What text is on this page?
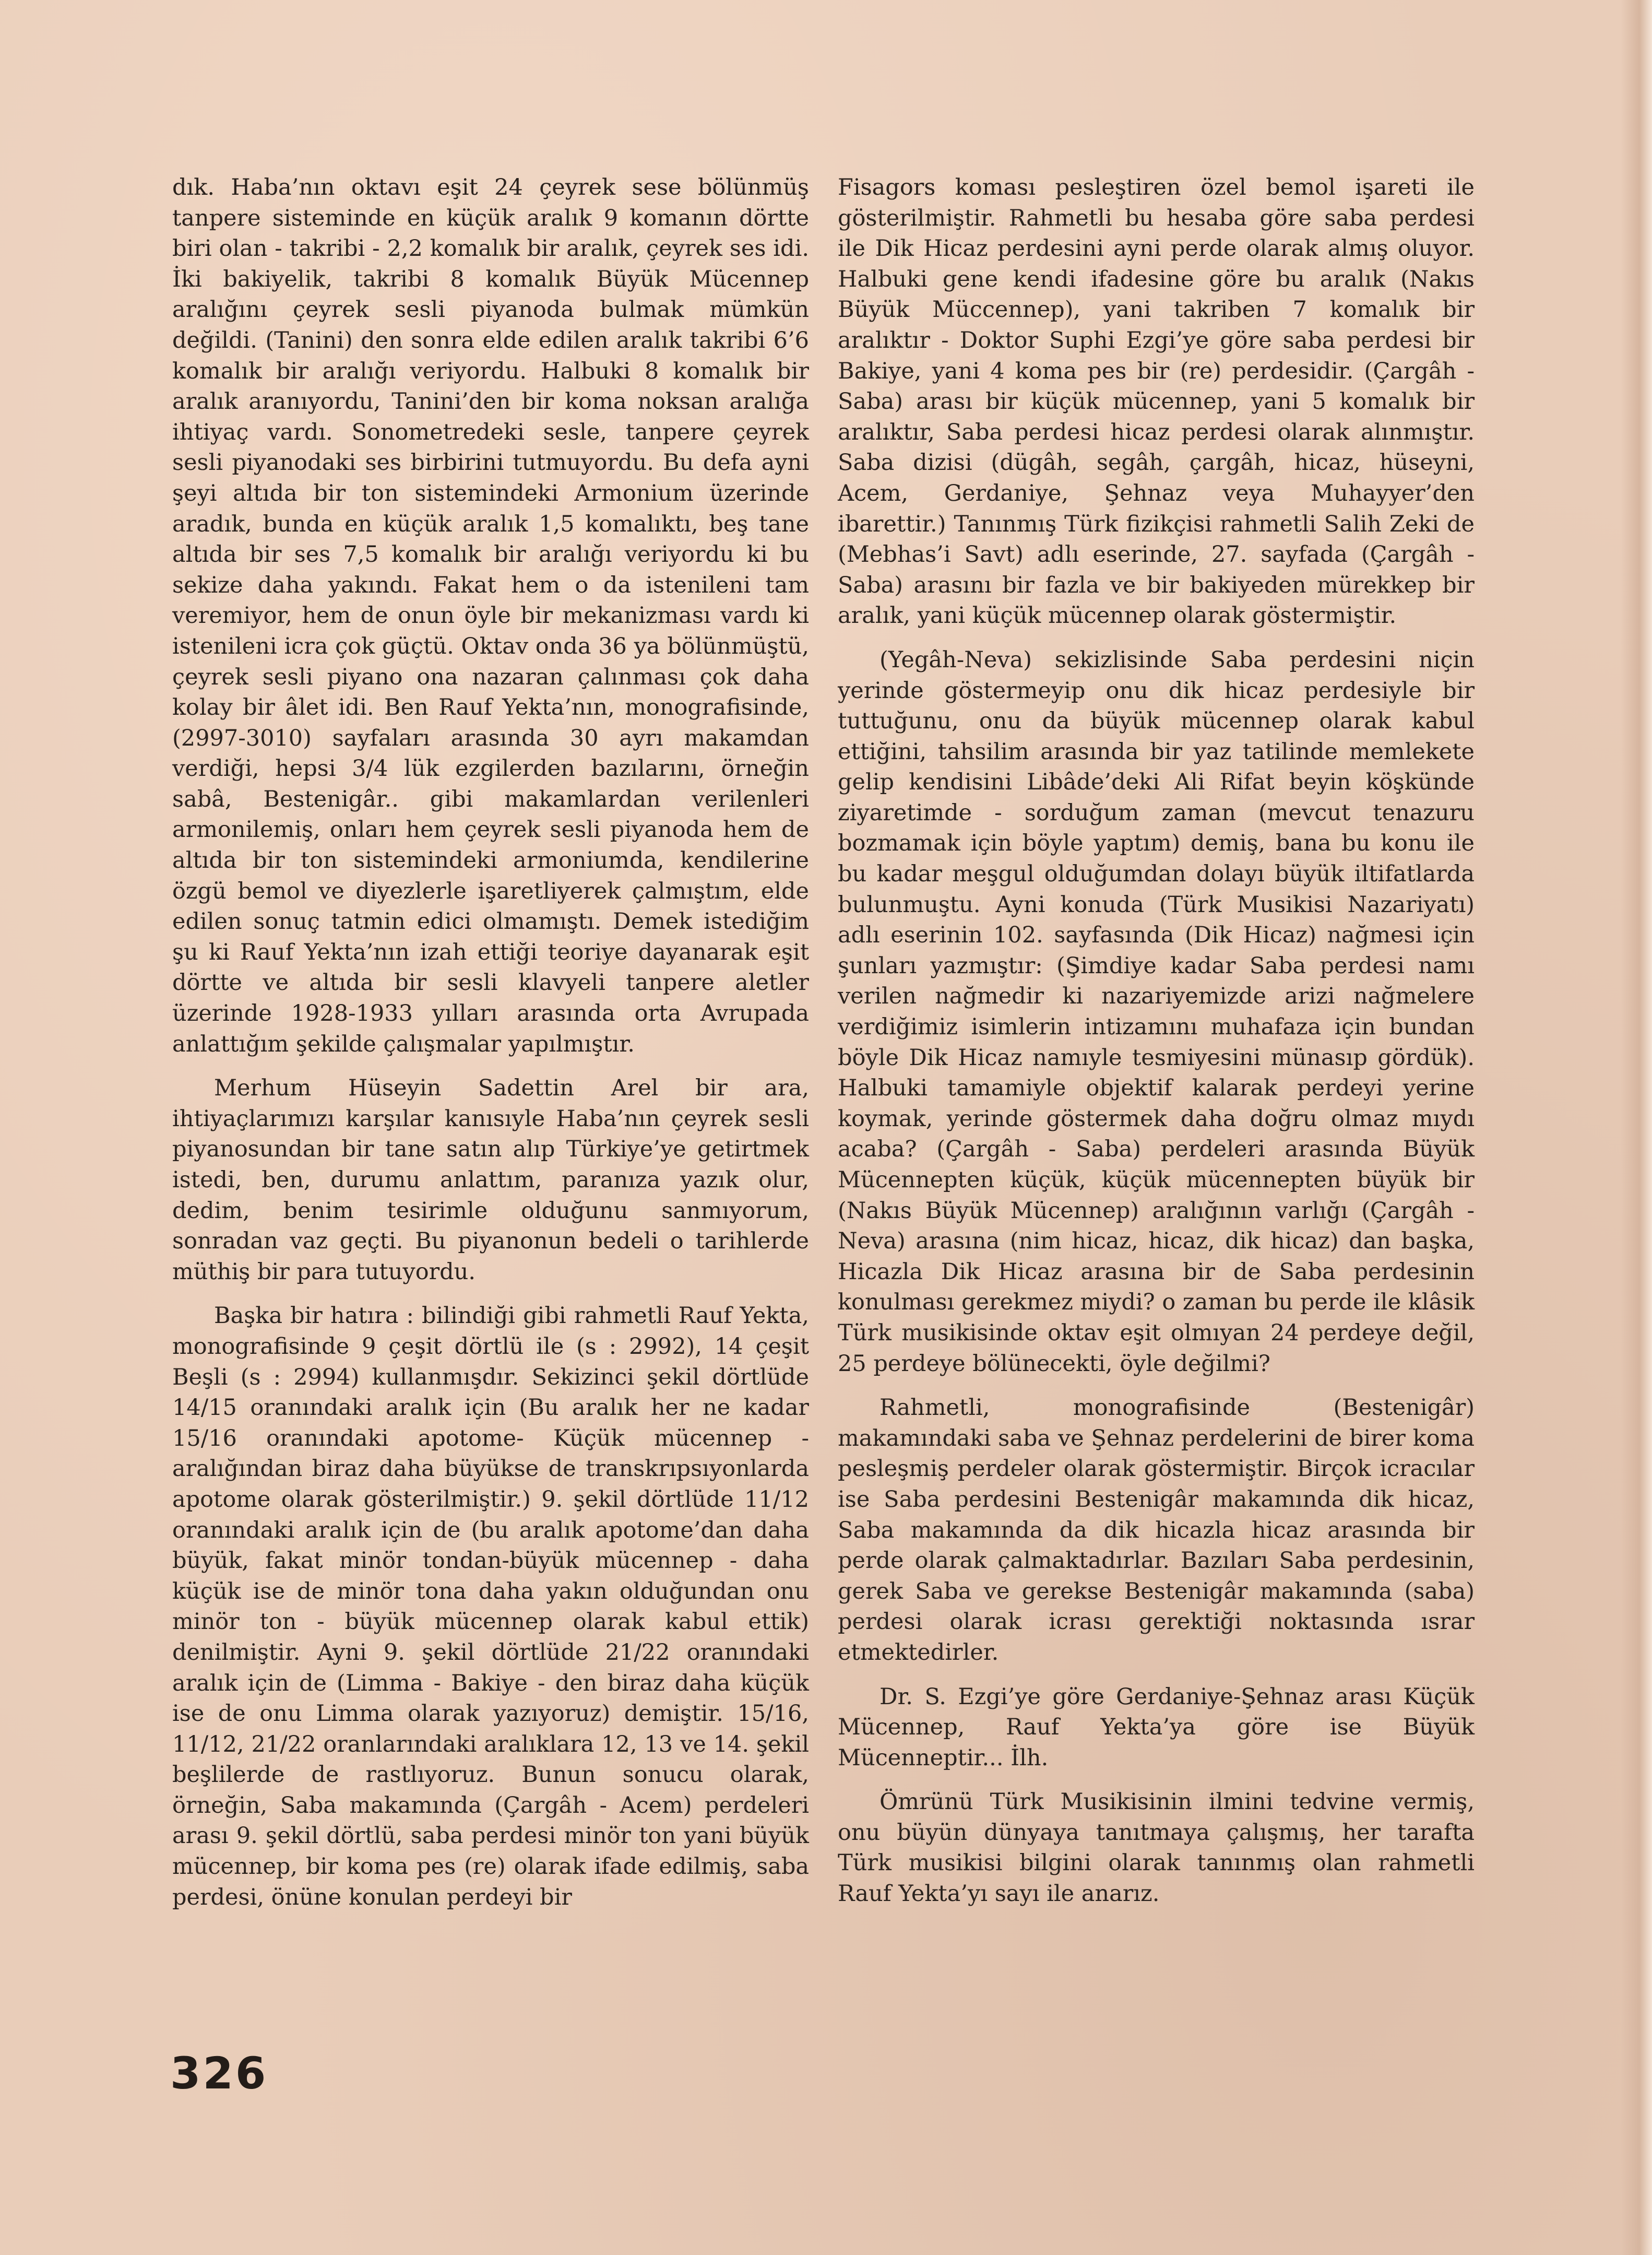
dık. Haba’nın oktavı eşit 24 çeyrek sese bölünmüş tanpere sisteminde en küçük aralık 9 komanın dörtte biri olan - takribi - 2,2 komalık bir aralık, çeyrek ses idi. İki bakiyelik, takribi 8 komalık Büyük Mücennep aralığını çeyrek sesli piyanoda bulmak mümkün değildi. (Tanini) den sonra elde edilen aralık takribi 6’6 komalık bir aralığı veriyordu. Halbuki 8 komalık bir aralık aranıyordu, Tanini’den bir koma noksan aralığa ihtiyaç vardı. Sonometredeki sesle, tanpere çeyrek sesli piyanodaki ses birbirini tutmuyordu. Bu defa ayni şeyi altıda bir ton sistemindeki Armonium üzerinde aradık, bunda en küçük aralık 1,5 komalıktı, beş tane altıda bir ses 7,5 komalık bir aralığı veriyordu ki bu sekize daha yakındı. Fakat hem o da istenileni tam veremiyor, hem de onun öyle bir mekanizması vardı ki istenileni icra çok güçtü. Oktav onda 36 ya bölünmüştü, çeyrek sesli piyano ona nazaran çalınması çok daha kolay bir âlet idi. Ben Rauf Yekta’nın, monografisinde, (2997-3010) sayfaları arasında 30 ayrı makamdan verdiği, hepsi 3/4 lük ezgilerden bazılarını, örneğin sabâ, Bestenigâr.. gibi makamlardan verilenleri armonilemiş, onları hem çeyrek sesli piyanoda hem de altıda bir ton sistemindeki armoniumda, kendilerine özgü bemol ve diyezlerle işaretliyerek çalmıştım, elde edilen sonuç tatmin edici olmamıştı. Demek istediğim şu ki Rauf Yekta’nın izah ettiği teoriye dayanarak eşit dörtte ve altıda bir sesli klavyeli tanpere aletler üzerinde 1928-1933 yılları arasında orta Avrupada anlattığım şekilde çalışmalar yapılmıştır.

Merhum Hüseyin Sadettin Arel bir ara, ihtiyaçlarımızı karşılar kanısıyle Haba’nın çeyrek sesli piyanosundan bir tane satın alıp Türkiye’ye getirtmek istedi, ben, durumu anlattım, paranıza yazık olur, dedim, benim tesirimle olduğunu sanmıyorum, sonradan vaz geçti. Bu piyanonun bedeli o tarihlerde müthiş bir para tutuyordu.

Başka bir hatıra : bilindiği gibi rahmetli Rauf Yekta, monografisinde 9 çeşit dörtlü ile (s : 2992), 14 çeşit Beşli (s : 2994) kullanmışdır. Sekizinci şekil dörtlüde 14/15 oranındaki aralık için (Bu aralık her ne kadar 15/16 oranındaki apotome- Küçük mücennep - aralığından biraz daha büyükse de transkrıpsıyonlarda apotome olarak gösterilmiştir.) 9. şekil dörtlüde 11/12 oranındaki aralık için de (bu aralık apotome’dan daha büyük, fakat minör tondan-büyük mücennep - daha küçük ise de minör tona daha yakın olduğundan onu minör ton - büyük mücennep olarak kabul ettik) denilmiştir. Ayni 9. şekil dörtlüde 21/22 oranındaki aralık için de (Limma - Bakiye - den biraz daha küçük ise de onu Limma olarak yazıyoruz) demiştir. 15/16, 11/12, 21/22 oranlarındaki aralıklara 12, 13 ve 14. şekil beşlilerde de rastlıyoruz. Bunun sonucu olarak, örneğin, Saba makamında (Çargâh - Acem) perdeleri arası 9. şekil dörtlü, saba perdesi minör ton yani büyük mücennep, bir koma pes (re) olarak ifade edilmiş, saba perdesi, önüne konulan perdeyi bir

Fisagors koması pesleştiren özel bemol işareti ile gösterilmiştir. Rahmetli bu hesaba göre saba perdesi ile Dik Hicaz perdesini ayni perde olarak almış oluyor. Halbuki gene kendi ifadesine göre bu aralık (Nakıs Büyük Müccennep), yani takriben 7 komalık bir aralıktır - Doktor Suphi Ezgi’ye göre saba perdesi bir Bakiye, yani 4 koma pes bir (re) perdesidir. (Çargâh - Saba) arası bir küçük mücennep, yani 5 komalık bir aralıktır, Saba perdesi hicaz perdesi olarak alınmıştır. Saba dizisi (dügâh, segâh, çargâh, hicaz, hüseyni, Acem, Gerdaniye, Şehnaz veya Muhayyer’den ibarettir.) Tanınmış Türk fizikçisi rahmetli Salih Zeki de (Mebhas’i Savt) adlı eserinde, 27. sayfada (Çargâh - Saba) arasını bir fazla ve bir bakiyeden mürekkep bir aralık, yani küçük mücennep olarak göstermiştir.

(Yegâh-Neva) sekizlisinde Saba perdesini niçin yerinde göstermeyip onu dik hicaz perdesiyle bir tuttuğunu, onu da büyük mücennep olarak kabul ettiğini, tahsilim arasında bir yaz tatilinde memlekete gelip kendisini Libâde’deki Ali Rifat beyin köşkünde ziyaretimde - sorduğum zaman (mevcut tenazuru bozmamak için böyle yaptım) demiş, bana bu konu ile bu kadar meşgul olduğumdan dolayı büyük iltifatlarda bulunmuştu. Ayni konuda (Türk Musikisi Nazariyatı) adlı eserinin 102. sayfasında (Dik Hicaz) nağmesi için şunları yazmıştır: (Şimdiye kadar Saba perdesi namı verilen nağmedir ki nazariyemizde arizi nağmelere verdiğimiz isimlerin intizamını muhafaza için bundan böyle Dik Hicaz namıyle tesmiyesini münasıp gördük). Halbuki tamamiyle objektif kalarak perdeyi yerine koymak, yerinde göstermek daha doğru olmaz mıydı acaba? (Çargâh - Saba) perdeleri arasında Büyük Mücennepten küçük, küçük mücennepten büyük bir (Nakıs Büyük Mücennep) aralığının varlığı (Çargâh - Neva) arasına (nim hicaz, hicaz, dik hicaz) dan başka, Hicazla Dik Hicaz arasına bir de Saba perdesinin konulması gerekmez miydi? o zaman bu perde ile klâsik Türk musikisinde oktav eşit olmıyan 24 perdeye değil, 25 perdeye bölünecekti, öyle değilmi?

Rahmetli, monografisinde (Bestenigâr) makamındaki saba ve Şehnaz perdelerini de birer koma pesleşmiş perdeler olarak göstermiştir. Birçok icracılar ise Saba perdesini Bestenigâr makamında dik hicaz, Saba makamında da dik hicazla hicaz arasında bir perde olarak çalmaktadırlar. Bazıları Saba perdesinin, gerek Saba ve gerekse Bestenigâr makamında (saba) perdesi olarak icrası gerektiği noktasında ısrar etmektedirler.

Dr. S. Ezgi’ye göre Gerdaniye-Şehnaz arası Küçük Mücennep, Rauf Yekta’ya göre ise Büyük Mücenneptir... İlh.

Ömrünü Türk Musikisinin ilmini tedvine vermiş, onu büyün dünyaya tanıtmaya çalışmış, her tarafta Türk musikisi bilgini olarak tanınmış olan rahmetli Rauf Yekta’yı sayı ile anarız.

326
